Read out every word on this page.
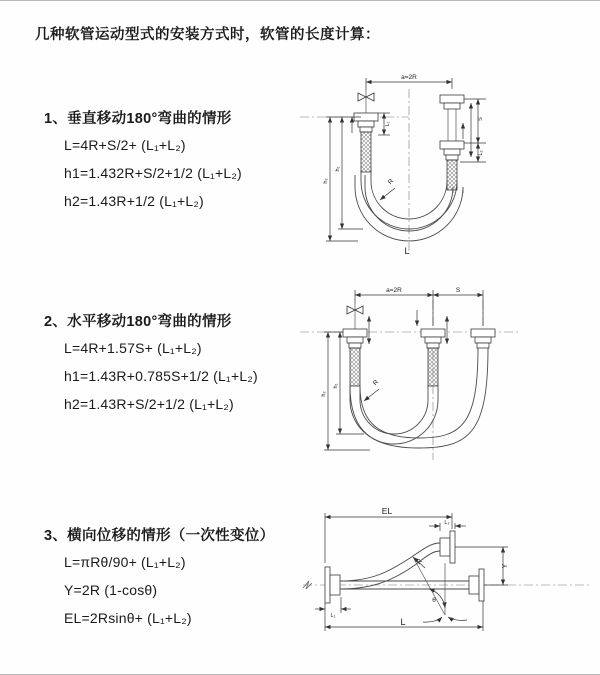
几种软管运动型式的安装方式时，软管的长度计算：

1、垂直移动180°弯曲的情形

L=4R+S/2+ (L₁+L₂)

h1=1.432R+S/2+1/2 (L₁+L₂)

h2=1.43R+1/2 (L₁+L₂)

2、水平移动180°弯曲的情形

L=4R+1.57S+ (L₁+L₂)

h1=1.43R+0.785S+1/2 (L₁+L₂)

h2=1.43R+S/2+1/2 (L₁+L₂)

3、横向位移的情形（一次性变位）

L=πRθ/90+ (L₁+L₂)

Y=2R (1-cosθ)

EL=2Rsinθ+ (L₁+L₂)

a=2R
L₁
S
L₂
h₂
h₁
R
L
a=2R	S
h₂
h₁	R
EL
L₂
Y
L
L₁
R
θ
